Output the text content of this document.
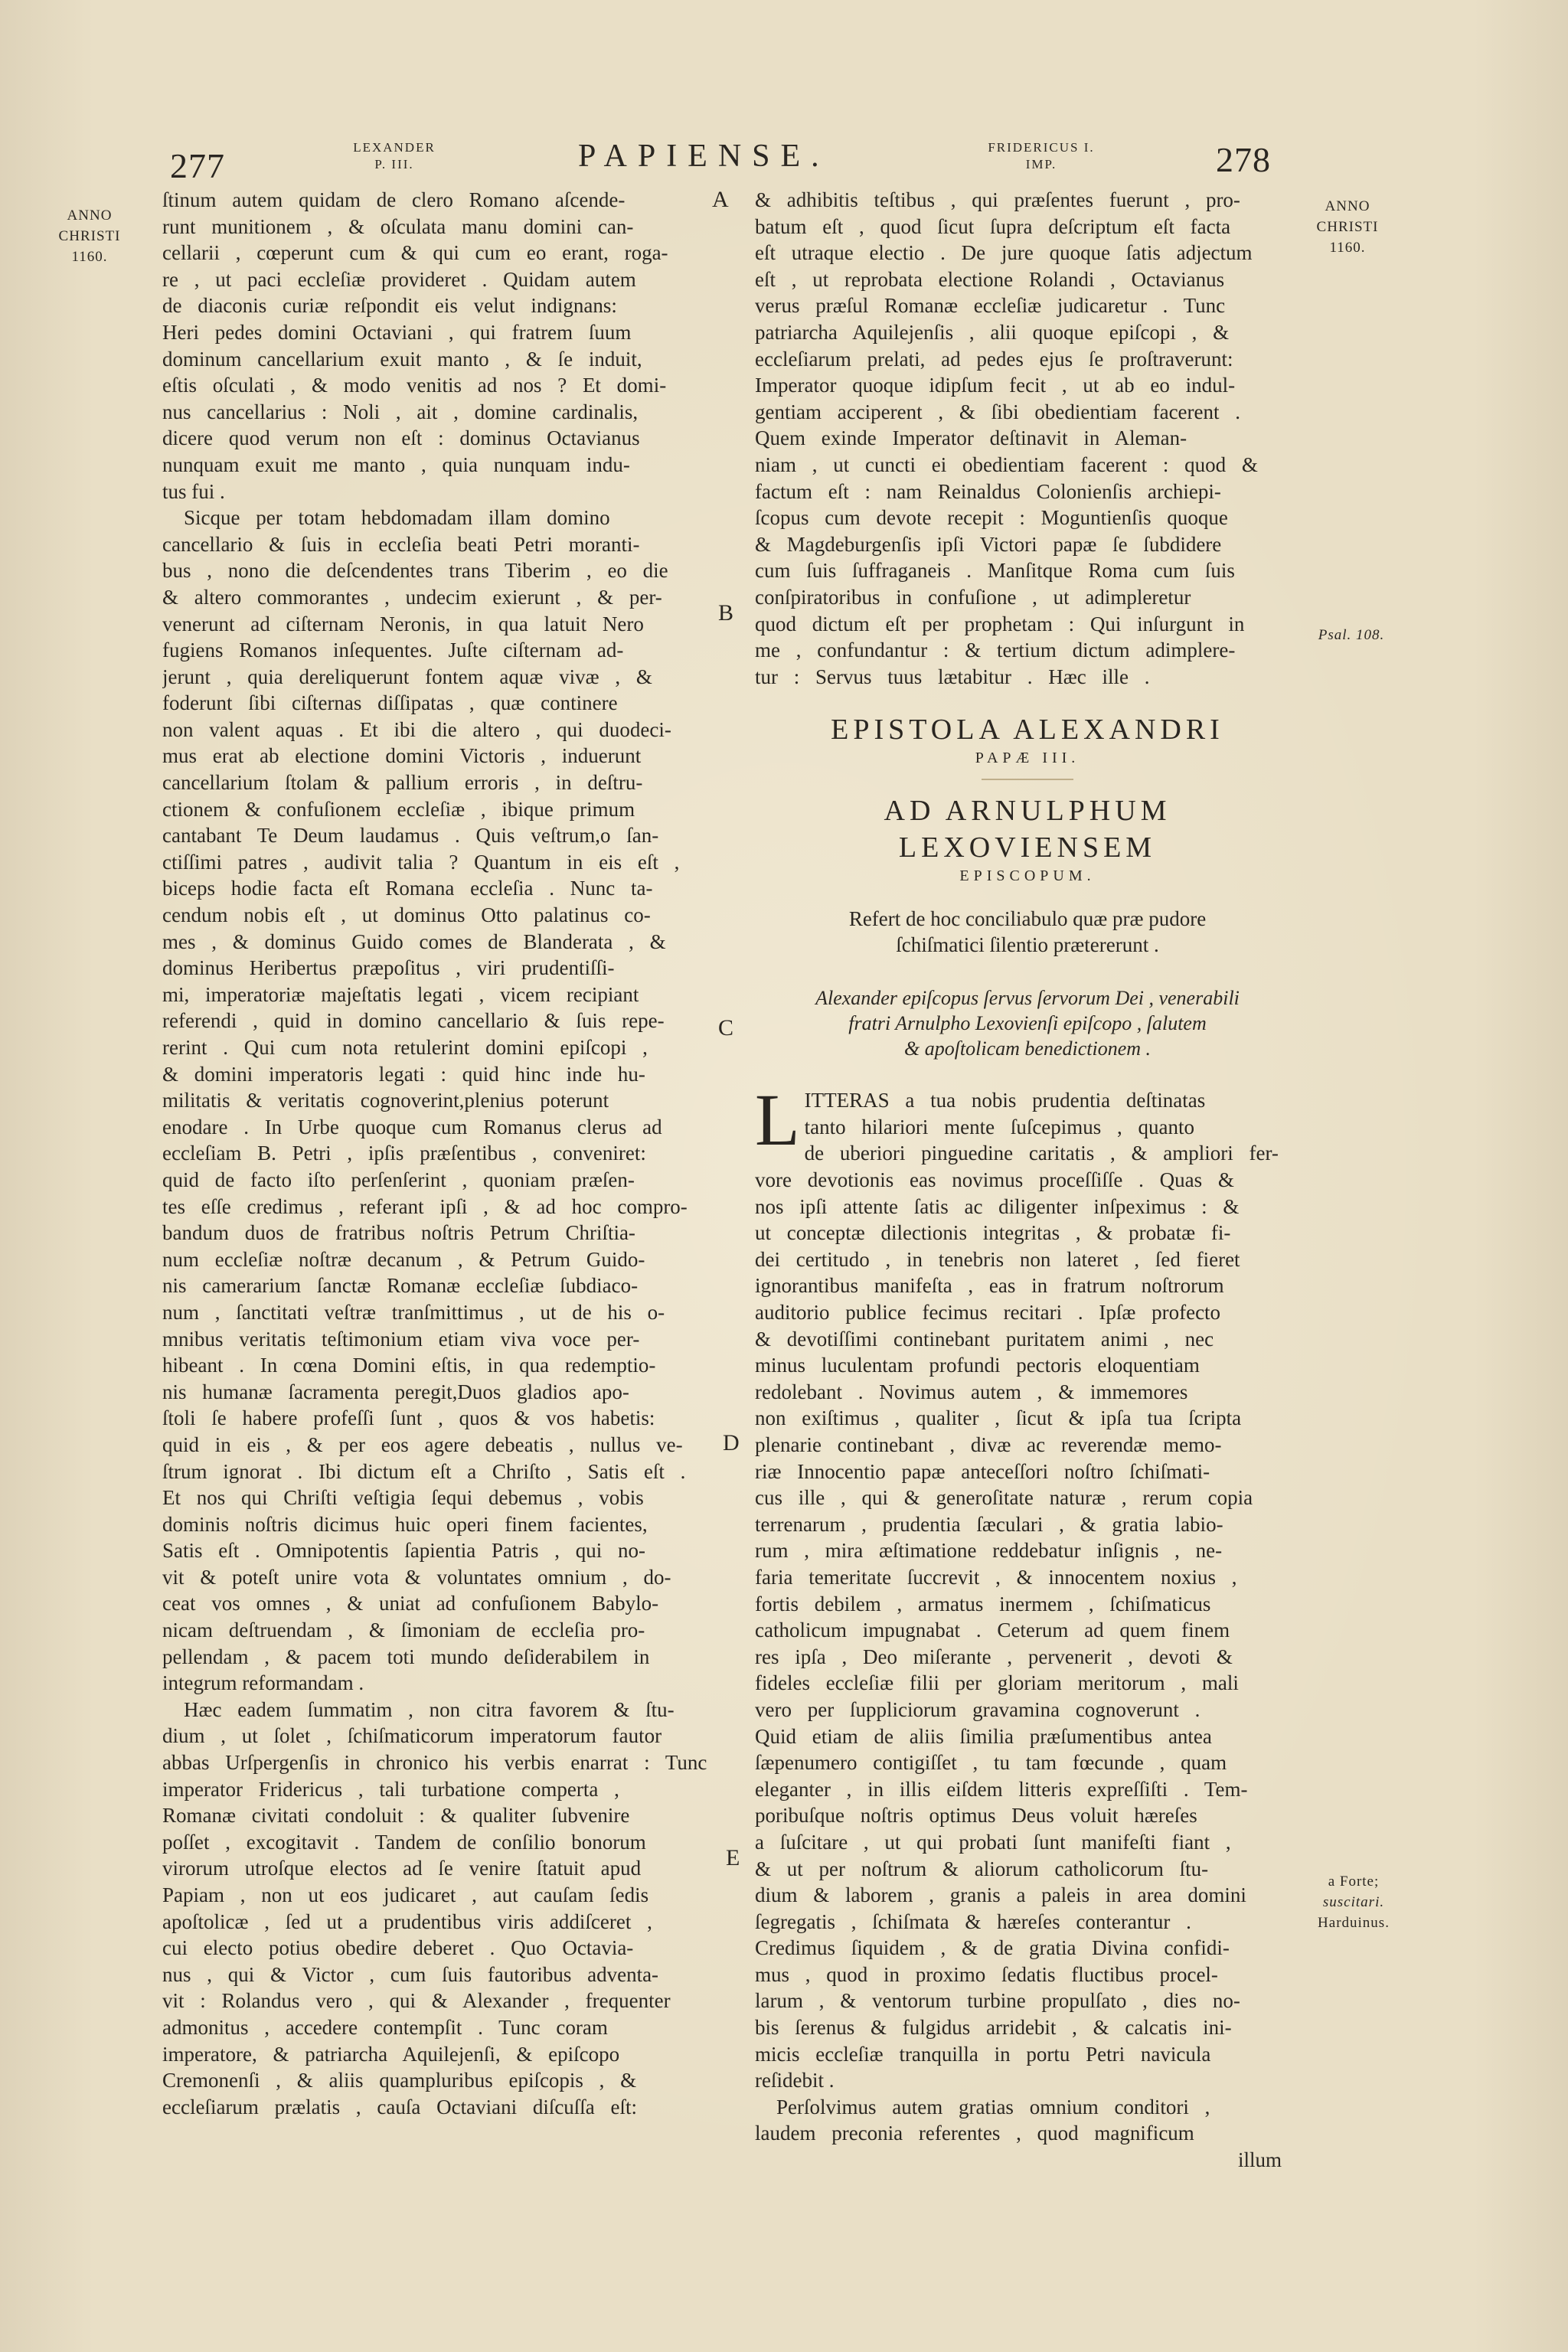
277	LEXANDER
P. III.	PAPIENSE.	FRIDERICUS I.
IMP.	278
ANNO
CHRISTI
1160.
ANNO
CHRISTI
1160.
Psal. 108.
a Forte;
suscitari.
Harduinus.
A
B
C
D
E
ſtinum autem quidam de clero Romano aſcende-
runt munitionem , & oſculata manu domini can-
cellarii , cœperunt cum & qui cum eo erant, roga-
re , ut paci eccleſiæ provideret . Quidam autem
de diaconis curiæ reſpondit eis velut indignans:
Heri pedes domini Octaviani , qui fratrem ſuum
dominum cancellarium exuit manto , & ſe induit,
eſtis oſculati , & modo venitis ad nos ? Et domi-
nus cancellarius : Noli , ait , domine cardinalis,
dicere quod verum non eſt : dominus Octavianus
nunquam exuit me manto , quia nunquam indu-
tus fui .
Sicque per totam hebdomadam illam domino
cancellario & ſuis in eccleſia beati Petri moranti-
bus , nono die deſcendentes trans Tiberim , eo die
& altero commorantes , undecim exierunt , & per-
venerunt ad ciſternam Neronis, in qua latuit Nero
fugiens Romanos inſequentes. Juſte ciſternam ad-
jerunt , quia dereliquerunt fontem aquæ vivæ , &
foderunt ſibi ciſternas diſſipatas , quæ continere
non valent aquas . Et ibi die altero , qui duodeci-
mus erat ab electione domini Victoris , induerunt
cancellarium ſtolam & pallium erroris , in deſtru-
ctionem & confuſionem eccleſiæ , ibique primum
cantabant Te Deum laudamus . Quis veſtrum,o ſan-
ctiſſimi patres , audivit talia ? Quantum in eis eſt ,
biceps hodie facta eſt Romana eccleſia . Nunc ta-
cendum nobis eſt , ut dominus Otto palatinus co-
mes , & dominus Guido comes de Blanderata , &
dominus Heribertus præpoſitus , viri prudentiſſi-
mi, imperatoriæ majeſtatis legati , vicem recipiant
referendi , quid in domino cancellario & ſuis repe-
rerint . Qui cum nota retulerint domini epiſcopi ,
& domini imperatoris legati : quid hinc inde hu-
militatis & veritatis cognoverint,plenius poterunt
enodare . In Urbe quoque cum Romanus clerus ad
eccleſiam B. Petri , ipſis præſentibus , conveniret:
quid de facto iſto perſenſerint , quoniam præſen-
tes eſſe credimus , referant ipſi , & ad hoc compro-
bandum duos de fratribus noſtris Petrum Chriſtia-
num eccleſiæ noſtræ decanum , & Petrum Guido-
nis camerarium ſanctæ Romanæ eccleſiæ ſubdiaco-
num , ſanctitati veſtræ tranſmittimus , ut de his o-
mnibus veritatis teſtimonium etiam viva voce per-
hibeant . In cœna Domini eſtis, in qua redemptio-
nis humanæ ſacramenta peregit,Duos gladios apo-
ſtoli ſe habere profeſſi ſunt , quos & vos habetis:
quid in eis , & per eos agere debeatis , nullus ve-
ſtrum ignorat . Ibi dictum eſt a Chriſto , Satis eſt .
Et nos qui Chriſti veſtigia ſequi debemus , vobis
dominis noſtris dicimus huic operi finem facientes,
Satis eſt . Omnipotentis ſapientia Patris , qui no-
vit & poteſt unire vota & voluntates omnium , do-
ceat vos omnes , & uniat ad confuſionem Babylo-
nicam deſtruendam , & ſimoniam de eccleſia pro-
pellendam , & pacem toti mundo deſiderabilem in
integrum reformandam .
Hæc eadem ſummatim , non citra favorem & ſtu-
dium , ut ſolet , ſchiſmaticorum imperatorum fautor
abbas Urſpergenſis in chronico his verbis enarrat : Tunc
imperator Fridericus , tali turbatione comperta ,
Romanæ civitati condoluit : & qualiter ſubvenire
poſſet , excogitavit . Tandem de conſilio bonorum
virorum utroſque electos ad ſe venire ſtatuit apud
Papiam , non ut eos judicaret , aut cauſam ſedis
apoſtolicæ , ſed ut a prudentibus viris addiſceret ,
cui electo potius obedire deberet . Quo Octavia-
nus , qui & Victor , cum ſuis fautoribus adventa-
vit : Rolandus vero , qui & Alexander , frequenter
admonitus , accedere contempſit . Tunc coram
imperatore, & patriarcha Aquilejenſi, & epiſcopo
Cremonenſi , & aliis quampluribus epiſcopis , &
eccleſiarum prælatis , cauſa Octaviani diſcuſſa eſt:
& adhibitis teſtibus , qui præſentes fuerunt , pro-
batum eſt , quod ſicut ſupra deſcriptum eſt facta
eſt utraque electio . De jure quoque ſatis adjectum
eſt , ut reprobata electione Rolandi , Octavianus
verus præſul Romanæ eccleſiæ judicaretur . Tunc
patriarcha Aquilejenſis , alii quoque epiſcopi , &
eccleſiarum prelati, ad pedes ejus ſe proſtraverunt:
Imperator quoque idipſum fecit , ut ab eo indul-
gentiam acciperent , & ſibi obedientiam facerent .
Quem exinde Imperator deſtinavit in Aleman-
niam , ut cuncti ei obedientiam facerent : quod &
factum eſt : nam Reinaldus Colonienſis archiepi-
ſcopus cum devote recepit : Moguntienſis quoque
& Magdeburgenſis ipſi Victori papæ ſe ſubdidere
cum ſuis ſuffraganeis . Manſitque Roma cum ſuis
conſpiratoribus in confuſione , ut adimpleretur
quod dictum eſt per prophetam : Qui inſurgunt in
me , confundantur : & tertium dictum adimplere-
tur : Servus tuus lætabitur . Hæc ille .
EPISTOLA ALEXANDRI
PAPÆ III.
AD ARNULPHUM LEXOVIENSEM
EPISCOPUM.
Refert de hoc conciliabulo quæ præ pudore
ſchiſmatici ſilentio prætererunt .
Alexander epiſcopus ſervus ſervorum Dei , venerabili
fratri Arnulpho Lexovienſi epiſcopo , ſalutem
& apoſtolicam benedictionem .
L ITTERAS a tua nobis prudentia deſtinatas
tanto hilariori mente ſuſcepimus , quanto
de uberiori pinguedine caritatis , & ampliori fer-
vore devotionis eas novimus proceſſiſſe . Quas &
nos ipſi attente ſatis ac diligenter inſpeximus : &
ut conceptæ dilectionis integritas , & probatæ fi-
dei certitudo , in tenebris non lateret , ſed fieret
ignorantibus manifeſta , eas in fratrum noſtrorum
auditorio publice fecimus recitari . Ipſæ profecto
& devotiſſimi continebant puritatem animi , nec
minus luculentam profundi pectoris eloquentiam
redolebant . Novimus autem , & immemores
non exiſtimus , qualiter , ſicut & ipſa tua ſcripta
plenarie continebant , divæ ac reverendæ memo-
riæ Innocentio papæ anteceſſori noſtro ſchiſmati-
cus ille , qui & generoſitate naturæ , rerum copia
terrenarum , prudentia ſæculari , & gratia labio-
rum , mira æſtimatione reddebatur inſignis , ne-
faria temeritate ſuccrevit , & innocentem noxius ,
fortis debilem , armatus inermem , ſchiſmaticus
catholicum impugnabat . Ceterum ad quem finem
res ipſa , Deo miſerante , pervenerit , devoti &
fideles eccleſiæ filii per gloriam meritorum , mali
vero per ſuppliciorum gravamina cognoverunt .
Quid etiam de aliis ſimilia præſumentibus antea
ſæpenumero contigiſſet , tu tam fœcunde , quam
eleganter , in illis eiſdem litteris expreſſiſti . Tem-
poribuſque noſtris optimus Deus voluit hæreſes
a ſuſcitare , ut qui probati ſunt manifeſti fiant ,
& ut per noſtrum & aliorum catholicorum ſtu-
dium & laborem , granis a paleis in area domini
ſegregatis , ſchiſmata & hæreſes conterantur .
Credimus ſiquidem , & de gratia Divina confidi-
mus , quod in proximo ſedatis fluctibus procel-
larum , & ventorum turbine propulſato , dies no-
bis ſerenus & fulgidus arridebit , & calcatis ini-
micis eccleſiæ tranquilla in portu Petri navicula
reſidebit .
Perſolvimus autem gratias omnium conditori ,
laudem preconia referentes , quod magnificum
illum
